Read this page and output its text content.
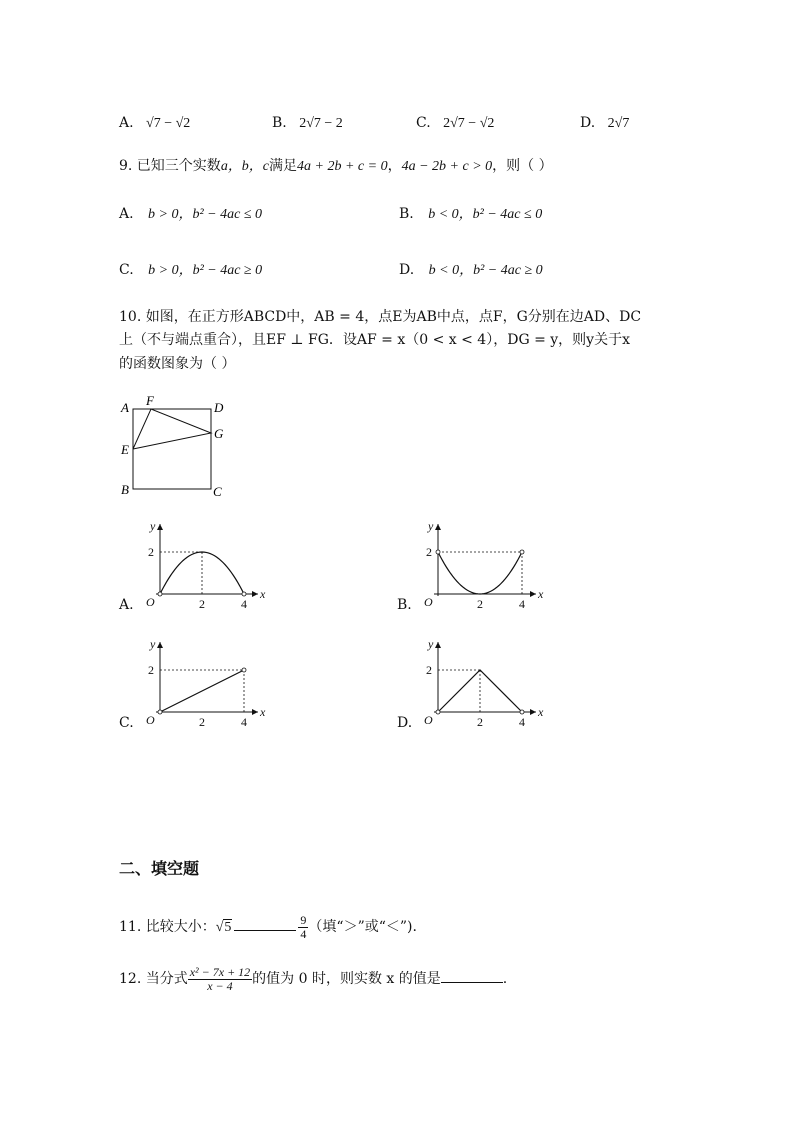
A. √7 − √2	B. 2√7 − 2	C. 2√7 − √2	D. 2√7
9. 已知三个实数a，b，c满足4a + 2b + c = 0，4a − 2b + c > 0，则（ ）
A. b > 0，b² − 4ac ≤ 0	B. b < 0，b² − 4ac ≤ 0
C. b > 0，b² − 4ac ≥ 0	D. b < 0，b² − 4ac ≥ 0
10. 如图，在正方形ABCD中，AB = 4，点E为AB中点，点F，G分别在边AD、DC
上（不与端点重合），且EF ⊥ FG．设AF = x（0 < x < 4），DG = y，则y关于x
的函数图象为（ ）
A F	D
G
E
B	C
A.	B.
C.	D.
y
x
O
2
2	4
y
x
O
2
2	4
y
x
O
2
2	4
y
x
O
2
2	4
二、填空题
11. 比较大小：√5	$\frac{9}{4}$ （填“＞”或“＜”).
12. 当分式 $\frac{\text{x² − 7x + 12}}{x - 4}$ 的值为 0 时，则实数 x 的值是	.
